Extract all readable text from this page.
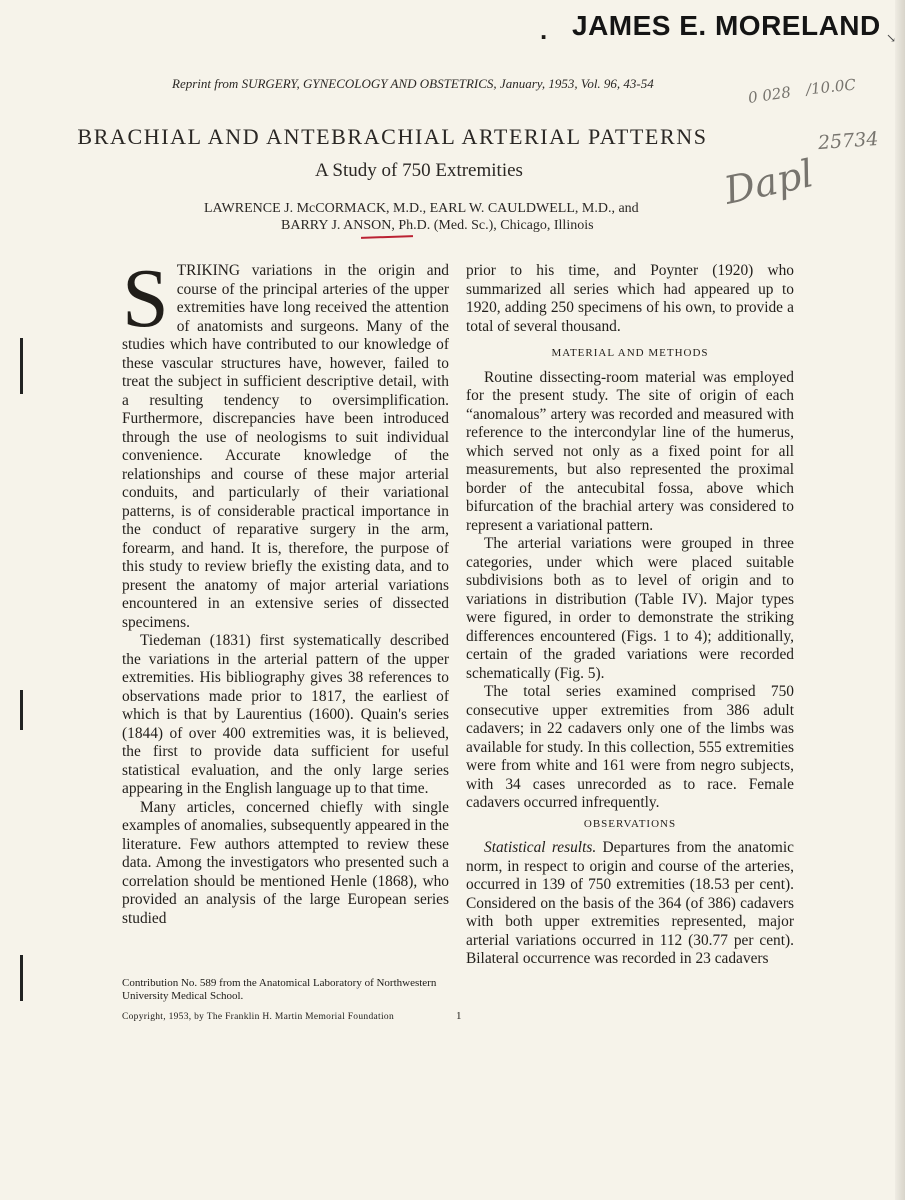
. JAMES E. MORELAND ↘
Reprint from SURGERY, GYNECOLOGY AND OBSTETRICS, January, 1953, Vol. 96, 43-54	0 028 /10.0C
25734
Dapl
BRACHIAL AND ANTEBRACHIAL ARTERIAL PATTERNS
A Study of 750 Extremities
LAWRENCE J. McCORMACK, M.D., EARL W. CAULDWELL, M.D., and
BARRY J. ANSON, Ph.D. (Med. Sc.), Chicago, Illinois

STRIKING variations in the origin and course of the principal arteries of the upper extremities have long received the attention of anatomists and surgeons. Many of the studies which have contributed to our knowledge of these vascular structures have, however, failed to treat the subject in sufficient descriptive detail, with a resulting tendency to oversimplification. Furthermore, discrepancies have been introduced through the use of neologisms to suit individual convenience. Accurate knowledge of the relationships and course of these major arterial conduits, and particularly of their variational patterns, is of considerable practical importance in the conduct of reparative surgery in the arm, forearm, and hand. It is, therefore, the purpose of this study to review briefly the existing data, and to present the anatomy of major arterial variations encountered in an extensive series of dissected specimens.

Tiedeman (1831) first systematically described the variations in the arterial pattern of the upper extremities. His bibliography gives 38 references to observations made prior to 1817, the earliest of which is that by Laurentius (1600). Quain's series (1844) of over 400 extremities was, it is believed, the first to provide data sufficient for useful statistical evaluation, and the only large series appearing in the English language up to that time.

Many articles, concerned chiefly with single examples of anomalies, subsequently appeared in the literature. Few authors attempted to review these data. Among the investigators who presented such a correlation should be mentioned Henle (1868), who provided an analysis of the large European series studied

prior to his time, and Poynter (1920) who summarized all series which had appeared up to 1920, adding 250 specimens of his own, to provide a total of several thousand.

MATERIAL AND METHODS

Routine dissecting-room material was employed for the present study. The site of origin of each “anomalous” artery was recorded and measured with reference to the intercondylar line of the humerus, which served not only as a fixed point for all measurements, but also represented the proximal border of the antecubital fossa, above which bifurcation of the brachial artery was considered to represent a variational pattern.

The arterial variations were grouped in three categories, under which were placed suitable subdivisions both as to level of origin and to variations in distribution (Table IV). Major types were figured, in order to demonstrate the striking differences encountered (Figs. 1 to 4); additionally, certain of the graded variations were recorded schematically (Fig. 5).

The total series examined comprised 750 consecutive upper extremities from 386 adult cadavers; in 22 cadavers only one of the limbs was available for study. In this collection, 555 extremities were from white and 161 were from negro subjects, with 34 cases unrecorded as to race. Female cadavers occurred infrequently.

OBSERVATIONS

Statistical results. Departures from the anatomic norm, in respect to origin and course of the arteries, occurred in 139 of 750 extremities (18.53 per cent). Considered on the basis of the 364 (of 386) cadavers with both upper extremities represented, major arterial variations occurred in 112 (30.77 per cent). Bilateral occurrence was recorded in 23 cadavers

Contribution No. 589 from the Anatomical Laboratory of Northwestern University Medical School.
Copyright, 1953, by The Franklin H. Martin Memorial Foundation	1
